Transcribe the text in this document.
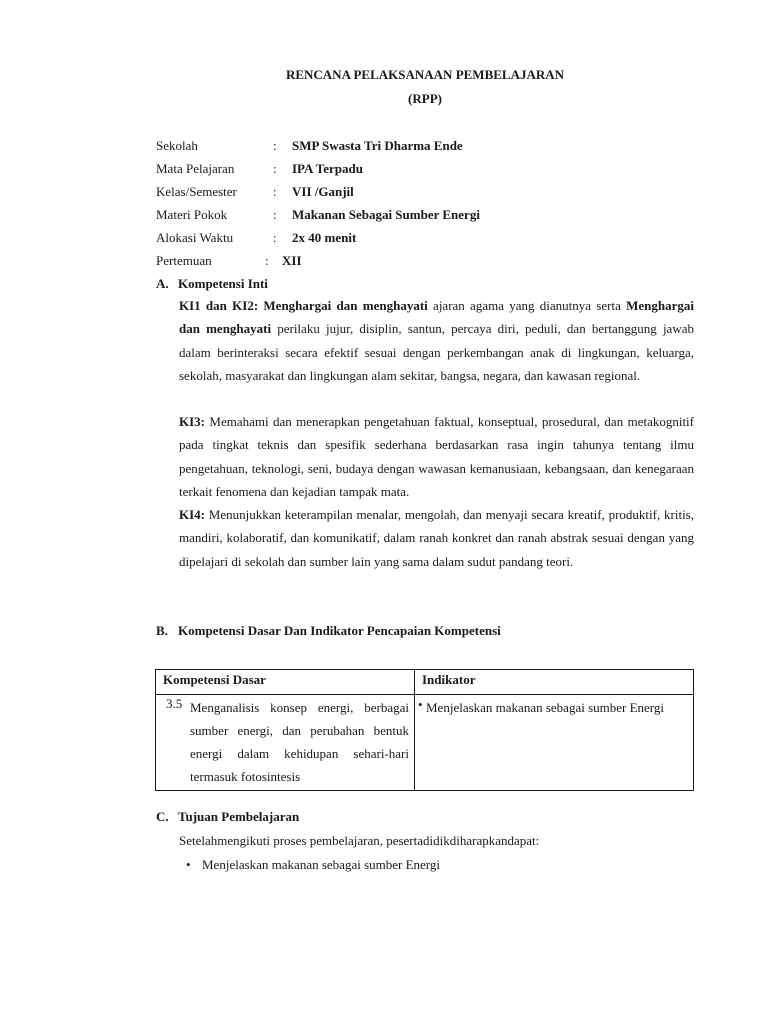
RENCANA PELAKSANAAN PEMBELAJARAN
(RPP)
Sekolah	: SMP Swasta Tri Dharma Ende
Mata Pelajaran	: IPA Terpadu
Kelas/Semester	: VII /Ganjil
Materi Pokok	: Makanan Sebagai Sumber Energi
Alokasi Waktu	: 2x 40 menit
Pertemuan	: XII
A. Kompetensi Inti

KI1 dan KI2: Menghargai dan menghayati ajaran agama yang dianutnya serta Menghargai dan menghayati perilaku jujur, disiplin, santun, percaya diri, peduli, dan bertanggung jawab dalam berinteraksi secara efektif sesuai dengan perkembangan anak di lingkungan, keluarga, sekolah, masyarakat dan lingkungan alam sekitar, bangsa, negara, dan kawasan regional.

KI3: Memahami dan menerapkan pengetahuan faktual, konseptual, prosedural, dan metakognitif pada tingkat teknis dan spesifik sederhana berdasarkan rasa ingin tahunya tentang ilmu pengetahuan, teknologi, seni, budaya dengan wawasan kemanusiaan, kebangsaan, dan kenegaraan terkait fenomena dan kejadian tampak mata.

KI4: Menunjukkan keterampilan menalar, mengolah, dan menyaji secara kreatif, produktif, kritis, mandiri, kolaboratif, dan komunikatif, dalam ranah konkret dan ranah abstrak sesuai dengan yang dipelajari di sekolah dan sumber lain yang sama dalam sudut pandang teori.

B. Kompetensi Dasar Dan Indikator Pencapaian Kompetensi
Kompetensi Dasar	Indikator

3.5 Menganalisis konsep energi, berbagai sumber energi, dan perubahan bentuk energi dalam kehidupan sehari-hari termasuk fotosintesis	• Menjelaskan makanan sebagai sumber Energi
C. Tujuan Pembelajaran
Setelahmengikuti proses pembelajaran, pesertadidikdiharapkandapat:
• Menjelaskan makanan sebagai sumber Energi
